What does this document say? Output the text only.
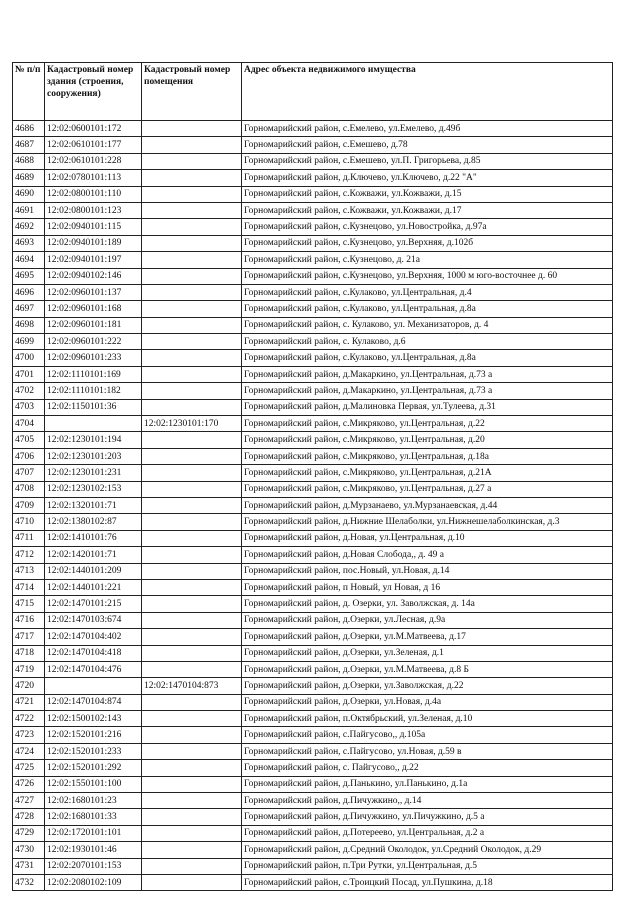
№ п/п	Кадастровый номер здания (строения, сооружения)	Кадастровый номер помещения	Адрес объекта недвижимого имущества
4686	12:02:0600101:172		Горномарийский район, с.Емелево, ул.Емелево, д.49б
4687	12:02:0610101:177		Горномарийский район, с.Емешево, д.78
4688	12:02:0610101:228		Горномарийский район, с.Емешево, ул.П. Григорьева, д.85
4689	12:02:0780101:113		Горномарийский район, д.Ключево, ул.Ключево, д.22 "А"
4690	12:02:0800101:110		Горномарийский район, с.Кожважи, ул.Кожважи, д.15
4691	12:02:0800101:123		Горномарийский район, с.Кожважи, ул.Кожважи, д.17
4692	12:02:0940101:115		Горномарийский район, с.Кузнецово, ул.Новостройка, д.97а
4693	12:02:0940101:189		Горномарийский район, с.Кузнецово, ул.Верхняя, д.102б
4694	12:02:0940101:197		Горномарийский район, с.Кузнецово, д. 21а
4695	12:02:0940102:146		Горномарийский район, с.Кузнецово, ул.Верхняя, 1000 м юго-восточнее д. 60
4696	12:02:0960101:137		Горномарийский район, с.Кулаково, ул.Центральная, д.4
4697	12:02:0960101:168		Горномарийский район, с.Кулаково, ул.Центральная, д.8а
4698	12:02:0960101:181		Горномарийский район, с. Кулаково, ул. Механизаторов, д. 4
4699	12:02:0960101:222		Горномарийский район, с. Кулаково, д.6
4700	12:02:0960101:233		Горномарийский район, с.Кулаково, ул.Центральная, д.8а
4701	12:02:1110101:169		Горномарийский район, д.Макаркино, ул.Центральная, д.73 а
4702	12:02:1110101:182		Горномарийский район, д.Макаркино, ул.Центральная, д.73 а
4703	12:02:1150101:36		Горномарийский район, д.Малиновка Первая, ул.Тулеева, д.31
4704		12:02:1230101:170	Горномарийский район, с.Микряково, ул.Центральная, д.22
4705	12:02:1230101:194		Горномарийский район, с.Микряково, ул.Центральная, д.20
4706	12:02:1230101:203		Горномарийский район, с.Микряково, ул.Центральная, д.18а
4707	12:02:1230101:231		Горномарийский район, с.Микряково, ул.Центральная, д.21А
4708	12:02:1230102:153		Горномарийский район, с.Микряково, ул.Центральная, д.27 а
4709	12:02:1320101:71		Горномарийский район, д.Мурзанаево, ул.Мурзанаевская, д.44
4710	12:02:1380102:87		Горномарийский район, д.Нижние Шелаболки, ул.Нижнешелаболкинская, д.3
4711	12:02:1410101:76		Горномарийский район, д.Новая, ул.Центральная, д.10
4712	12:02:1420101:71		Горномарийский район, д.Новая Слобода,, д. 49 а
4713	12:02:1440101:209		Горномарийский район, пос.Новый, ул.Новая, д.14
4714	12:02:1440101:221		Горномарийский район, п Новый, ул Новая, д 16
4715	12:02:1470101:215		Горномарийский район, д. Озерки, ул. Заволжская, д. 14а
4716	12:02:1470103:674		Горномарийский район, д.Озерки, ул.Лесная, д.9а
4717	12:02:1470104:402		Горномарийский район, д.Озерки, ул.М.Матвеева, д.17
4718	12:02:1470104:418		Горномарийский район, д.Озерки, ул.Зеленая, д.1
4719	12:02:1470104:476		Горномарийский район, д.Озерки, ул.М.Матвеева, д.8 Б
4720		12:02:1470104:873	Горномарийский район, д.Озерки, ул.Заволжская, д.22
4721	12:02:1470104:874		Горномарийский район, д.Озерки, ул.Новая, д.4а
4722	12:02:1500102:143		Горномарийский район, п.Октябрьский, ул.Зеленая, д.10
4723	12:02:1520101:216		Горномарийский район, с.Пайгусово,, д.105а
4724	12:02:1520101:233		Горномарийский район, с.Пайгусово, ул.Новая, д.59 в
4725	12:02:1520101:292		Горномарийский район, с. Пайгусово,, д.22
4726	12:02:1550101:100		Горномарийский район, д.Панькино, ул.Панькино, д.1а
4727	12:02:1680101:23		Горномарийский район, д.Пичужкино,, д.14
4728	12:02:1680101:33		Горномарийский район, д.Пичужкино, ул.Пичужкино, д.5 а
4729	12:02:1720101:101		Горномарийский район, д.Потереево, ул.Центральная, д.2 а
4730	12:02:1930101:46		Горномарийский район, д.Средний Околодок, ул.Средний Околодок, д.29
4731	12:02:2070101:153		Горномарийский район, п.Три Рутки, ул.Центральная, д.5
4732	12:02:2080102:109		Горномарийский район, с.Троицкий Посад, ул.Пушкина, д.18
